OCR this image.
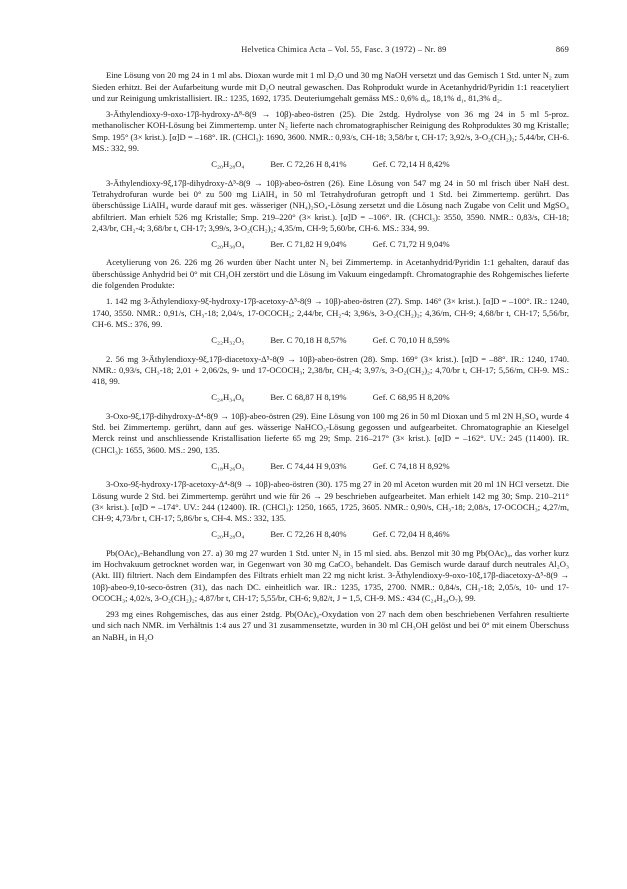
Helvetica Chimica Acta – Vol. 55, Fasc. 3 (1972) – Nr. 89	869

Eine Lösung von 20 mg 24 in 1 ml abs. Dioxan wurde mit 1 ml D₂O und 30 mg NaOH versetzt und das Gemisch 1 Std. unter N₂ zum Sieden erhitzt. Bei der Aufarbeitung wurde mit D₂O neutral gewaschen. Das Rohprodukt wurde in Acetanhydrid/Pyridin 1:1 reacetyliert und zur Reinigung umkristallisiert. IR.: 1235, 1692, 1735. Deuteriumgehalt gemäss MS.: 0,6% d₀, 18,1% d₁, 81,3% d₂.

3-Äthylendioxy-9-oxo-17β-hydroxy-Δ⁸-8(9 → 10β)-abeo-östren (25). Die 2stdg. Hydrolyse von 36 mg 24 in 5 ml 5-proz. methanolischer KOH-Lösung bei Zimmertemp. unter N₂ lieferte nach chromatographischer Reinigung des Rohproduktes 30 mg Kristalle; Smp. 195° (3× krist.). [α]D = –168°. IR. (CHCl₃): 1690, 3600. NMR.: 0,93/s, CH-18; 3,58/br t, CH-17; 3,92/s, 3-O₂(CH₂)₂; 5,44/br, CH-6. MS.: 332, 99.

C₂₀H₂₈O₄	Ber. C 72,26 H 8,41%	Gef. C 72,14 H 8,42%

3-Äthylendioxy-9ξ,17β-dihydroxy-Δ⁵-8(9 → 10β)-abeo-östren (26). Eine Lösung von 547 mg 24 in 50 ml frisch über NaH dest. Tetrahydrofuran wurde bei 0° zu 500 mg LiAlH₄ in 50 ml Tetrahydrofuran getropft und 1 Std. bei Zimmertemp. gerührt. Das überschüssige LiAlH₄ wurde darauf mit ges. wässeriger (NH₄)₂SO₄-Lösung zersetzt und die Lösung nach Zugabe von Celit und MgSO₄ abfiltriert. Man erhielt 526 mg Kristalle; Smp. 219–220° (3× krist.). [α]D = –106°. IR. (CHCl₃): 3550, 3590. NMR.: 0,83/s, CH-18; 2,43/br, CH₂-4; 3,68/br t, CH-17; 3,99/s, 3-O₂(CH₂)₂; 4,35/m, CH-9; 5,60/br, CH-6. MS.: 334, 99.

C₂₀H₃₀O₄	Ber. C 71,82 H 9,04%	Gef. C 71,72 H 9,04%

Acetylierung von 26. 226 mg 26 wurden über Nacht unter N₂ bei Zimmertemp. in Acetanhydrid/Pyridin 1:1 gehalten, darauf das überschüssige Anhydrid bei 0° mit CH₃OH zerstört und die Lösung im Vakuum eingedampft. Chromatographie des Rohgemisches lieferte die folgenden Produkte:

1. 142 mg 3-Äthylendioxy-9ξ-hydroxy-17β-acetoxy-Δ⁵-8(9 → 10β)-abeo-östren (27). Smp. 146° (3× krist.). [α]D = –100°. IR.: 1240, 1740, 3550. NMR.: 0,91/s, CH₃-18; 2,04/s, 17-OCOCH₃; 2,44/br, CH₂-4; 3,96/s, 3-O₂(CH₂)₂; 4,36/m, CH-9; 4,68/br t, CH-17; 5,56/br, CH-6. MS.: 376, 99.

C₂₂H₃₂O₅	Ber. C 70,18 H 8,57%	Gef. C 70,10 H 8,59%

2. 56 mg 3-Äthylendioxy-9ξ,17β-diacetoxy-Δ⁵-8(9 → 10β)-abeo-östren (28). Smp. 169° (3× krist.). [α]D = –88°. IR.: 1240, 1740. NMR.: 0,93/s, CH₃-18; 2,01 + 2,06/2s, 9- und 17-OCOCH₃; 2,38/br, CH₂-4; 3,97/s, 3-O₂(CH₂)₂; 4,70/br t, CH-17; 5,56/m, CH-9. MS.: 418, 99.

C₂₄H₃₄O₆	Ber. C 68,87 H 8,19%	Gef. C 68,95 H 8,20%

3-Oxo-9ξ,17β-dihydroxy-Δ⁴-8(9 → 10β)-abeo-östren (29). Eine Lösung von 100 mg 26 in 50 ml Dioxan und 5 ml 2N H₂SO₄ wurde 4 Std. bei Zimmertemp. gerührt, dann auf ges. wässerige NaHCO₃-Lösung gegossen und aufgearbeitet. Chromatographie an Kieselgel Merck reinst und anschliessende Kristallisation lieferte 65 mg 29; Smp. 216–217° (3× krist.). [α]D = –162°. UV.: 245 (11400). IR. (CHCl₃): 1655, 3600. MS.: 290, 135.

C₁₈H₂₆O₃	Ber. C 74,44 H 9,03%	Gef. C 74,18 H 8,92%

3-Oxo-9ξ-hydroxy-17β-acetoxy-Δ⁴-8(9 → 10β)-abeo-östren (30). 175 mg 27 in 20 ml Aceton wurden mit 20 ml 1N HCl versetzt. Die Lösung wurde 2 Std. bei Zimmertemp. gerührt und wie für 26 → 29 beschrieben aufgearbeitet. Man erhielt 142 mg 30; Smp. 210–211° (3× krist.). [α]D = –174°. UV.: 244 (12400). IR. (CHCl₃): 1250, 1665, 1725, 3605. NMR.: 0,90/s, CH₃-18; 2,08/s, 17-OCOCH₃; 4,27/m, CH-9; 4,73/br t, CH-17; 5,86/br s, CH-4. MS.: 332, 135.

C₂₀H₂₈O₄	Ber. C 72,26 H 8,40%	Gef. C 72,04 H 8,46%

Pb(OAc)₄-Behandlung von 27. a) 30 mg 27 wurden 1 Std. unter N₂ in 15 ml sied. abs. Benzol mit 30 mg Pb(OAc)₄, das vorher kurz im Hochvakuum getrocknet worden war, in Gegenwart von 30 mg CaCO₃ behandelt. Das Gemisch wurde darauf durch neutrales Al₂O₃ (Akt. III) filtriert. Nach dem Eindampfen des Filtrats erhielt man 22 mg nicht krist. 3-Äthylendioxy-9-oxo-10ξ,17β-diacetoxy-Δ⁵-8(9 → 10β)-abeo-9,10-seco-östren (31), das nach DC. einheitlich war. IR.: 1235, 1735, 2700. NMR.: 0,84/s, CH₃-18; 2,05/s, 10- und 17-OCOCH₃; 4,02/s, 3-O₂(CH₂)₂; 4,87/br t, CH-17; 5,55/br, CH-6; 9,82/t, J = 1,5, CH-9. MS.: 434 (C₂₄H₃₄O₇), 99.

293 mg eines Rohgemisches, das aus einer 2stdg. Pb(OAc)₄-Oxydation von 27 nach dem oben beschriebenen Verfahren resultierte und sich nach NMR. im Verhältnis 1:4 aus 27 und 31 zusammensetzte, wurden in 30 ml CH₃OH gelöst und bei 0° mit einem Überschuss an NaBH₄ in H₂O
